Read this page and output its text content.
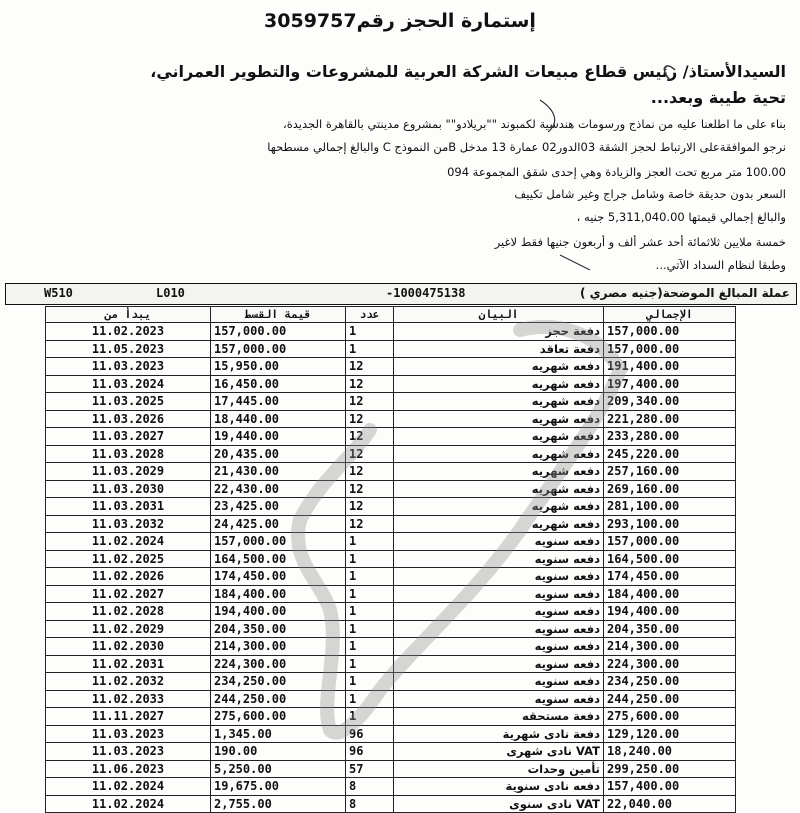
إستمارة الحجز رقم3059757
السيدالأستاذ/ رئيس قطاع مبيعات الشركة العربية للمشروعات والتطوير العمراني،
تحية طيبة وبعد...
بناء على ما اطلعنا عليه من نماذج ورسومات هندسية لكمبوند ""بريلادو"" بمشروع مدينتي بالقاهرة الجديدة،
نرجو الموافقةعلى الارتباط لحجز الشقة 03الدور02 عمارة 13 مدخل Bمن النموذج C والبالغ إجمالي مسطحها
100.00 متر مربع تحت العجز والزيادة وهي إحدى شقق المجموعة 094
السعر بدون حديقة خاصة وشامل جراج وغير شامل تكييف
والبالغ إجمالي قيمتها 5,311,040.00 جنيه ،
خمسة ملايين ثلاثمائة أحد عشر ألف و أربعون جنيها فقط لاغير
وطبقا لنظام السداد الآتي...
W510	L010	-1000475138	عملة المبالغ الموضحة(جنيه مصري )
يبدأ من	قيمة القسط	عدد	البيان	الإجمالي
11.02.2023	157,000.00	1	دفعة حجز	157,000.00
11.05.2023	157,000.00	1	دفعة تعاقد	157,000.00
11.03.2023	15,950.00	12	دفعه شهريه	191,400.00
11.03.2024	16,450.00	12	دفعه شهريه	197,400.00
11.03.2025	17,445.00	12	دفعه شهريه	209,340.00
11.03.2026	18,440.00	12	دفعه شهريه	221,280.00
11.03.2027	19,440.00	12	دفعه شهريه	233,280.00
11.03.2028	20,435.00	12	دفعه شهريه	245,220.00
11.03.2029	21,430.00	12	دفعه شهريه	257,160.00
11.03.2030	22,430.00	12	دفعه شهريه	269,160.00
11.03.2031	23,425.00	12	دفعه شهريه	281,100.00
11.03.2032	24,425.00	12	دفعه شهريه	293,100.00
11.02.2024	157,000.00	1	دفعه سنويه	157,000.00
11.02.2025	164,500.00	1	دفعه سنويه	164,500.00
11.02.2026	174,450.00	1	دفعه سنويه	174,450.00
11.02.2027	184,400.00	1	دفعه سنويه	184,400.00
11.02.2028	194,400.00	1	دفعه سنويه	194,400.00
11.02.2029	204,350.00	1	دفعه سنويه	204,350.00
11.02.2030	214,300.00	1	دفعه سنويه	214,300.00
11.02.2031	224,300.00	1	دفعه سنويه	224,300.00
11.02.2032	234,250.00	1	دفعه سنويه	234,250.00
11.02.2033	244,250.00	1	دفعه سنويه	244,250.00
11.11.2027	275,600.00	1	دفعة مستحقه	275,600.00
11.03.2023	1,345.00	96	دفعة نادى شهرية	129,120.00
11.03.2023	190.00	96	VAT نادى شهرى	18,240.00
11.06.2023	5,250.00	57	تأمين وحدات	299,250.00
11.02.2024	19,675.00	8	دفعه نادى سنوية	157,400.00
11.02.2024	2,755.00	8	VAT نادى سنوى	22,040.00
